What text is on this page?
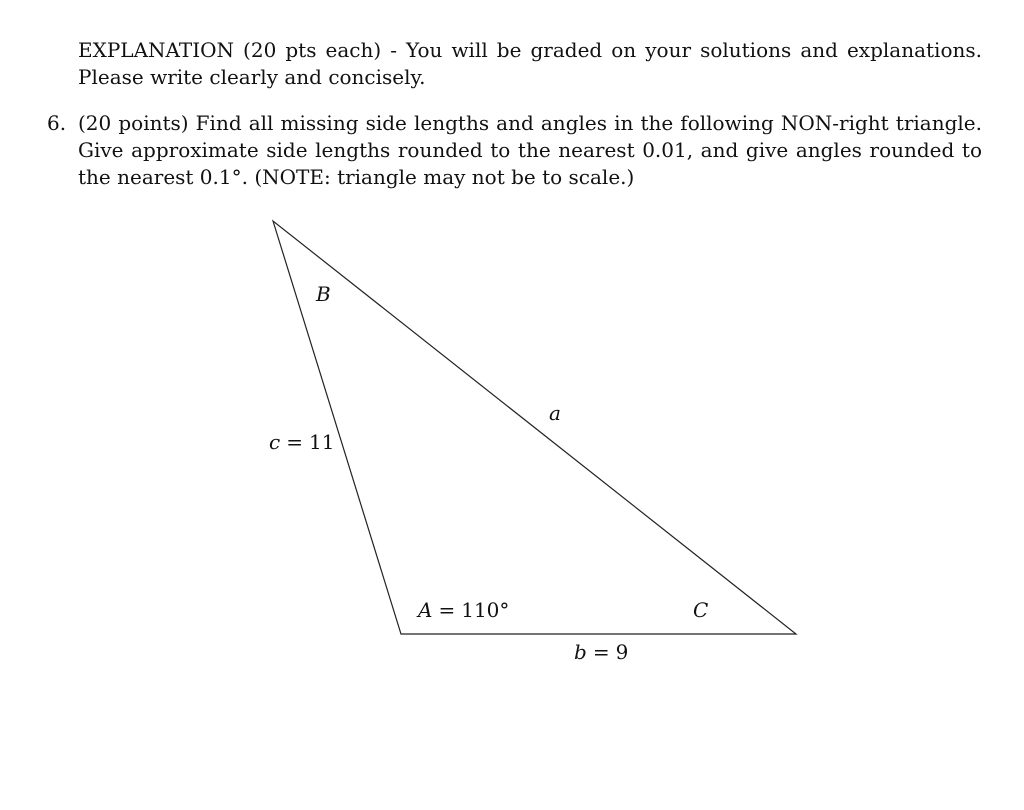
EXPLANATION (20 pts each) - You will be graded on your solutions and explanations. Please write clearly and concisely.

6. (20 points) Find all missing side lengths and angles in the following NON-right triangle. Give approximate side lengths rounded to the nearest 0.01, and give angles rounded to the nearest 0.1°. (NOTE: triangle may not be to scale.)

B
a
c = 11
A = 110°	C
b = 9
